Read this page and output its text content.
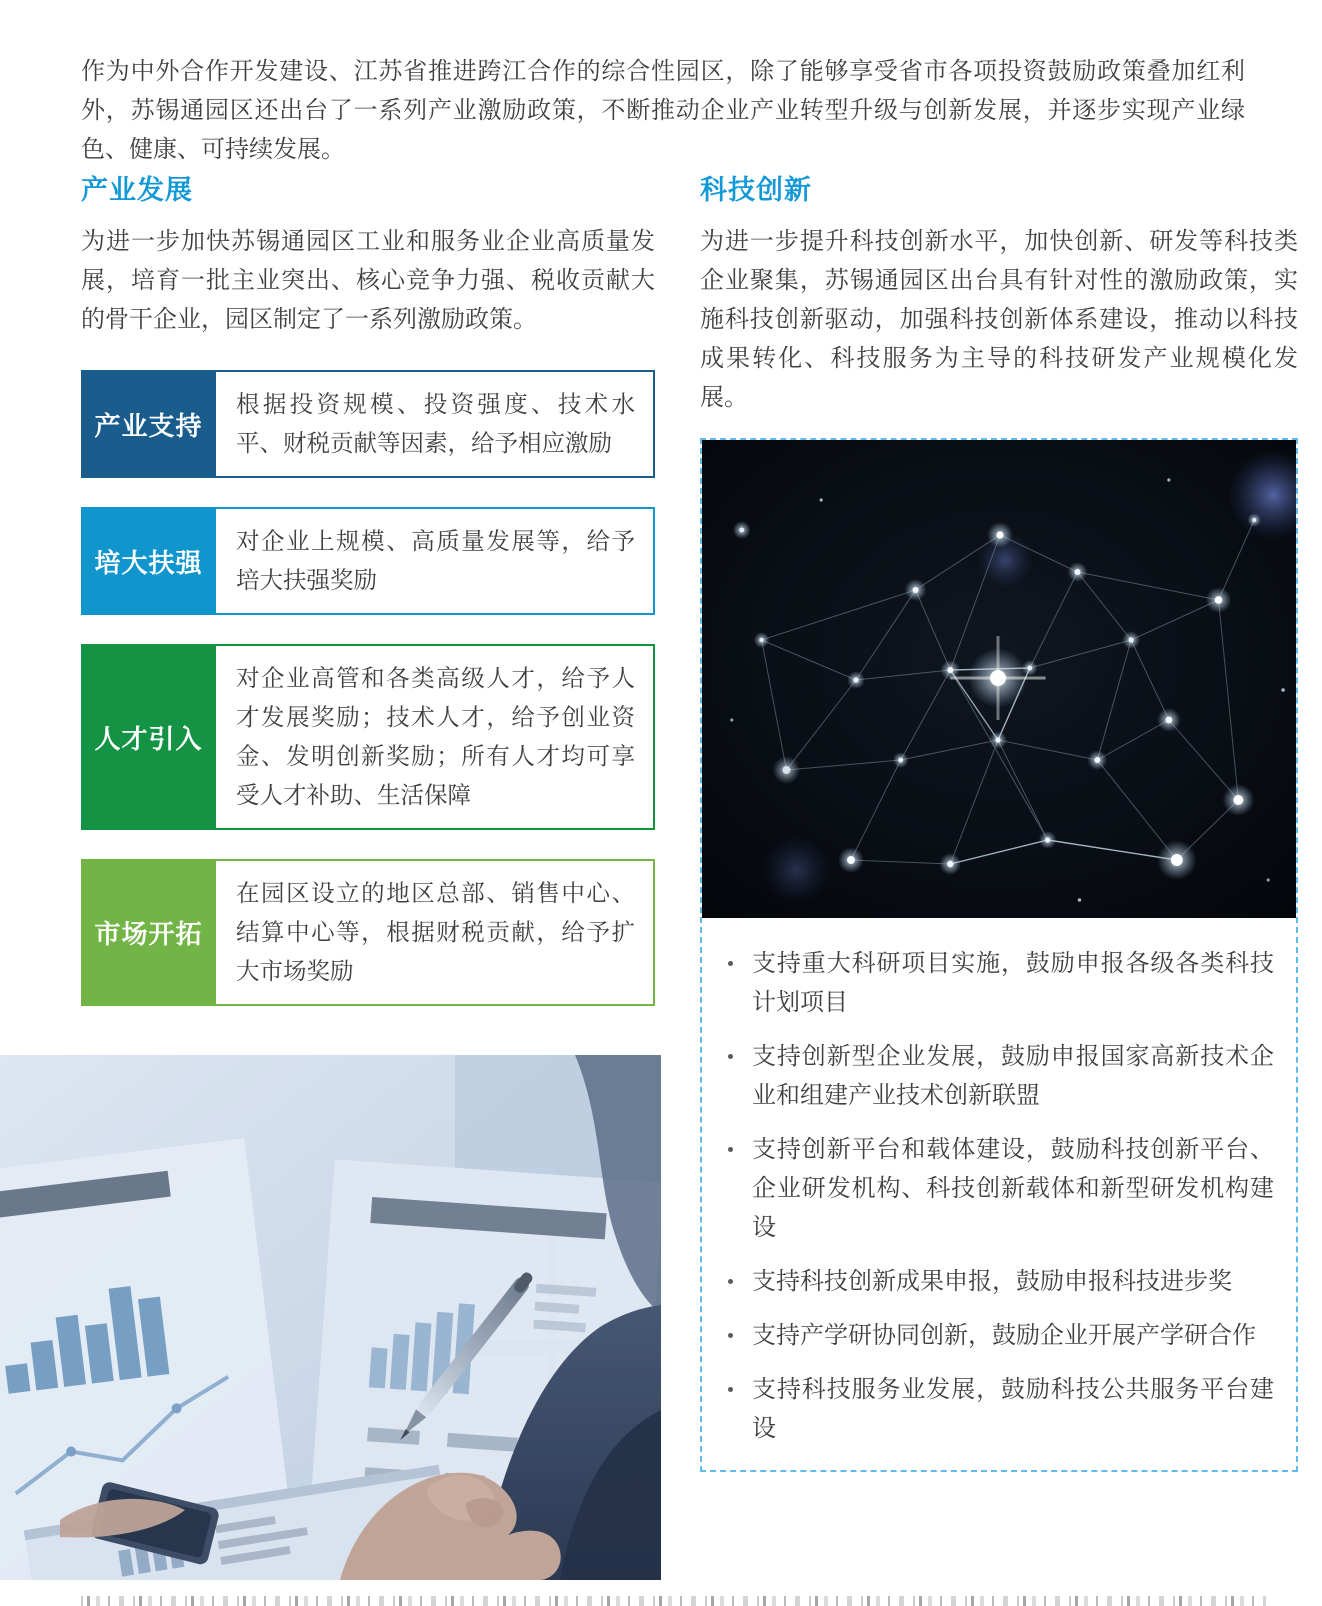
作为中外合作开发建设、江苏省推进跨江合作的综合性园区，除了能够享受省市各项投资鼓励政策叠加红利外，苏锡通园区还出台了一系列产业激励政策，不断推动企业产业转型升级与创新发展，并逐步实现产业绿色、健康、可持续发展。

产业发展

为进一步加快苏锡通园区工业和服务业企业高质量发展，培育一批主业突出、核心竞争力强、税收贡献大的骨干企业，园区制定了一系列激励政策。

产业支持
根据投资规模、投资强度、技术水平、财税贡献等因素，给予相应激励
培大扶强
对企业上规模、高质量发展等，给予培大扶强奖励
人才引入
对企业高管和各类高级人才，给予人才发展奖励；技术人才，给予创业资金、发明创新奖励；所有人才均可享受人才补助、生活保障
市场开拓
在园区设立的地区总部、销售中心、结算中心等，根据财税贡献，给予扩大市场奖励
科技创新

为进一步提升科技创新水平，加快创新、研发等科技类企业聚集，苏锡通园区出台具有针对性的激励政策，实施科技创新驱动，加强科技创新体系建设，推动以科技成果转化、科技服务为主导的科技研发产业规模化发展。

支持重大科研项目实施，鼓励申报各级各类科技计划项目
支持创新型企业发展，鼓励申报国家高新技术企业和组建产业技术创新联盟
支持创新平台和载体建设，鼓励科技创新平台、企业研发机构、科技创新载体和新型研发机构建设
支持科技创新成果申报，鼓励申报科技进步奖
支持产学研协同创新，鼓励企业开展产学研合作
支持科技服务业发展，鼓励科技公共服务平台建设
